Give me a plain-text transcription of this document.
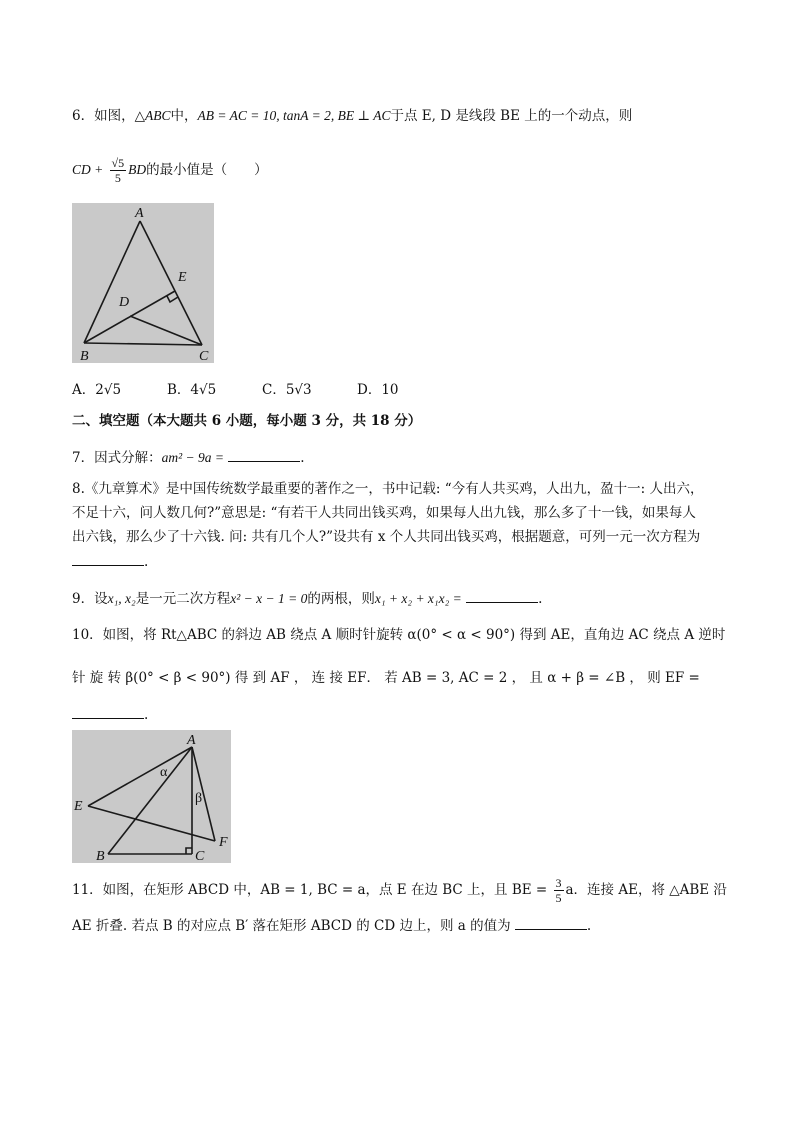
6．如图，△ABC中，AB = AC = 10, tanA = 2, BE ⊥ AC于点 E, D 是线段 BE 上的一个动点，则
CD + $\frac{√5}{5}$ BD的最小值是（　　）
A
E
D
B	C
A．2√5	B．4√5	C．5√3	D．10
二、填空题（本大题共 6 小题，每小题 3 分，共 18 分）
7．因式分解：am² − 9a =	.
8.《九章算术》是中国传统数学最重要的著作之一，书中记载: “今有人共买鸡，人出九，盈十一: 人出六，
不足十六，问人数几何?”意思是: “有若干人共同出钱买鸡，如果每人出九钱，那么多了十一钱，如果每人
出六钱，那么少了十六钱. 问: 共有几个人?”设共有 x 个人共同出钱买鸡，根据题意，可列一元一次方程为
.
9．设x₁, x₂是一元二次方程x² − x − 1 = 0的两根，则x₁ + x₂ + x₁x₂ =	.
10．如图，将 Rt△ABC 的斜边 AB 绕点 A 顺时针旋转 α(0° < α < 90°) 得到 AE，直角边 AC 绕点 A 逆时
针 旋 转 β(0° < β < 90°) 得 到 AF ， 连 接 EF． 若 AB = 3, AC = 2 ， 且 α + β = ∠B ， 则 EF =
.
A
α
β
E
F
B	C
11．如图，在矩形 ABCD 中，AB = 1, BC = a，点 E 在边 BC 上，且 BE = $\frac{3}{5}$ a．连接 AE，将 △ABE 沿
AE 折叠. 若点 B 的对应点 B′ 落在矩形 ABCD 的 CD 边上，则 a 的值为	.
